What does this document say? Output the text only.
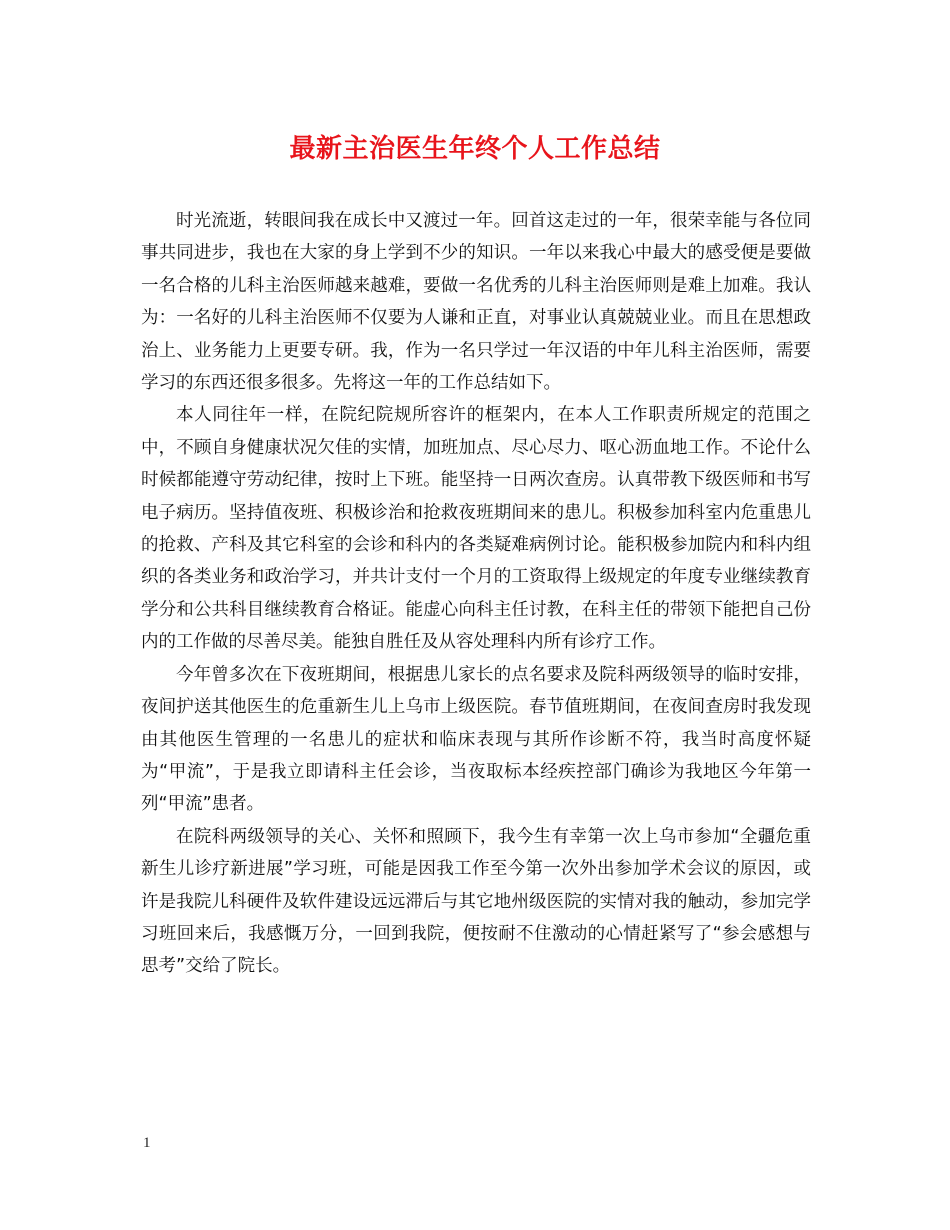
最新主治医生年终个人工作总结

时光流逝，转眼间我在成长中又渡过一年。回首这走过的一年，很荣幸能与各位同事共同进步，我也在大家的身上学到不少的知识。一年以来我心中最大的感受便是要做一名合格的儿科主治医师越来越难，要做一名优秀的儿科主治医师则是难上加难。我认为：一名好的儿科主治医师不仅要为人谦和正直，对事业认真兢兢业业。而且在思想政治上、业务能力上更要专研。我，作为一名只学过一年汉语的中年儿科主治医师，需要学习的东西还很多很多。先将这一年的工作总结如下。

本人同往年一样，在院纪院规所容许的框架内，在本人工作职责所规定的范围之中，不顾自身健康状况欠佳的实情，加班加点、尽心尽力、呕心沥血地工作。不论什么时候都能遵守劳动纪律，按时上下班。能坚持一日两次查房。认真带教下级医师和书写电子病历。坚持值夜班、积极诊治和抢救夜班期间来的患儿。积极参加科室内危重患儿的抢救、产科及其它科室的会诊和科内的各类疑难病例讨论。能积极参加院内和科内组织的各类业务和政治学习，并共计支付一个月的工资取得上级规定的年度专业继续教育学分和公共科目继续教育合格证。能虚心向科主任讨教，在科主任的带领下能把自己份内的工作做的尽善尽美。能独自胜任及从容处理科内所有诊疗工作。

今年曾多次在下夜班期间，根据患儿家长的点名要求及院科两级领导的临时安排，夜间护送其他医生的危重新生儿上乌市上级医院。春节值班期间，在夜间查房时我发现由其他医生管理的一名患儿的症状和临床表现与其所作诊断不符，我当时高度怀疑为“甲流”，于是我立即请科主任会诊，当夜取标本经疾控部门确诊为我地区今年第一列“甲流”患者。

在院科两级领导的关心、关怀和照顾下，我今生有幸第一次上乌市参加“全疆危重新生儿诊疗新进展”学习班，可能是因我工作至今第一次外出参加学术会议的原因，或许是我院儿科硬件及软件建设远远滞后与其它地州级医院的实情对我的触动，参加完学习班回来后，我感慨万分，一回到我院，便按耐不住激动的心情赶紧写了“参会感想与思考”交给了院长。

1
